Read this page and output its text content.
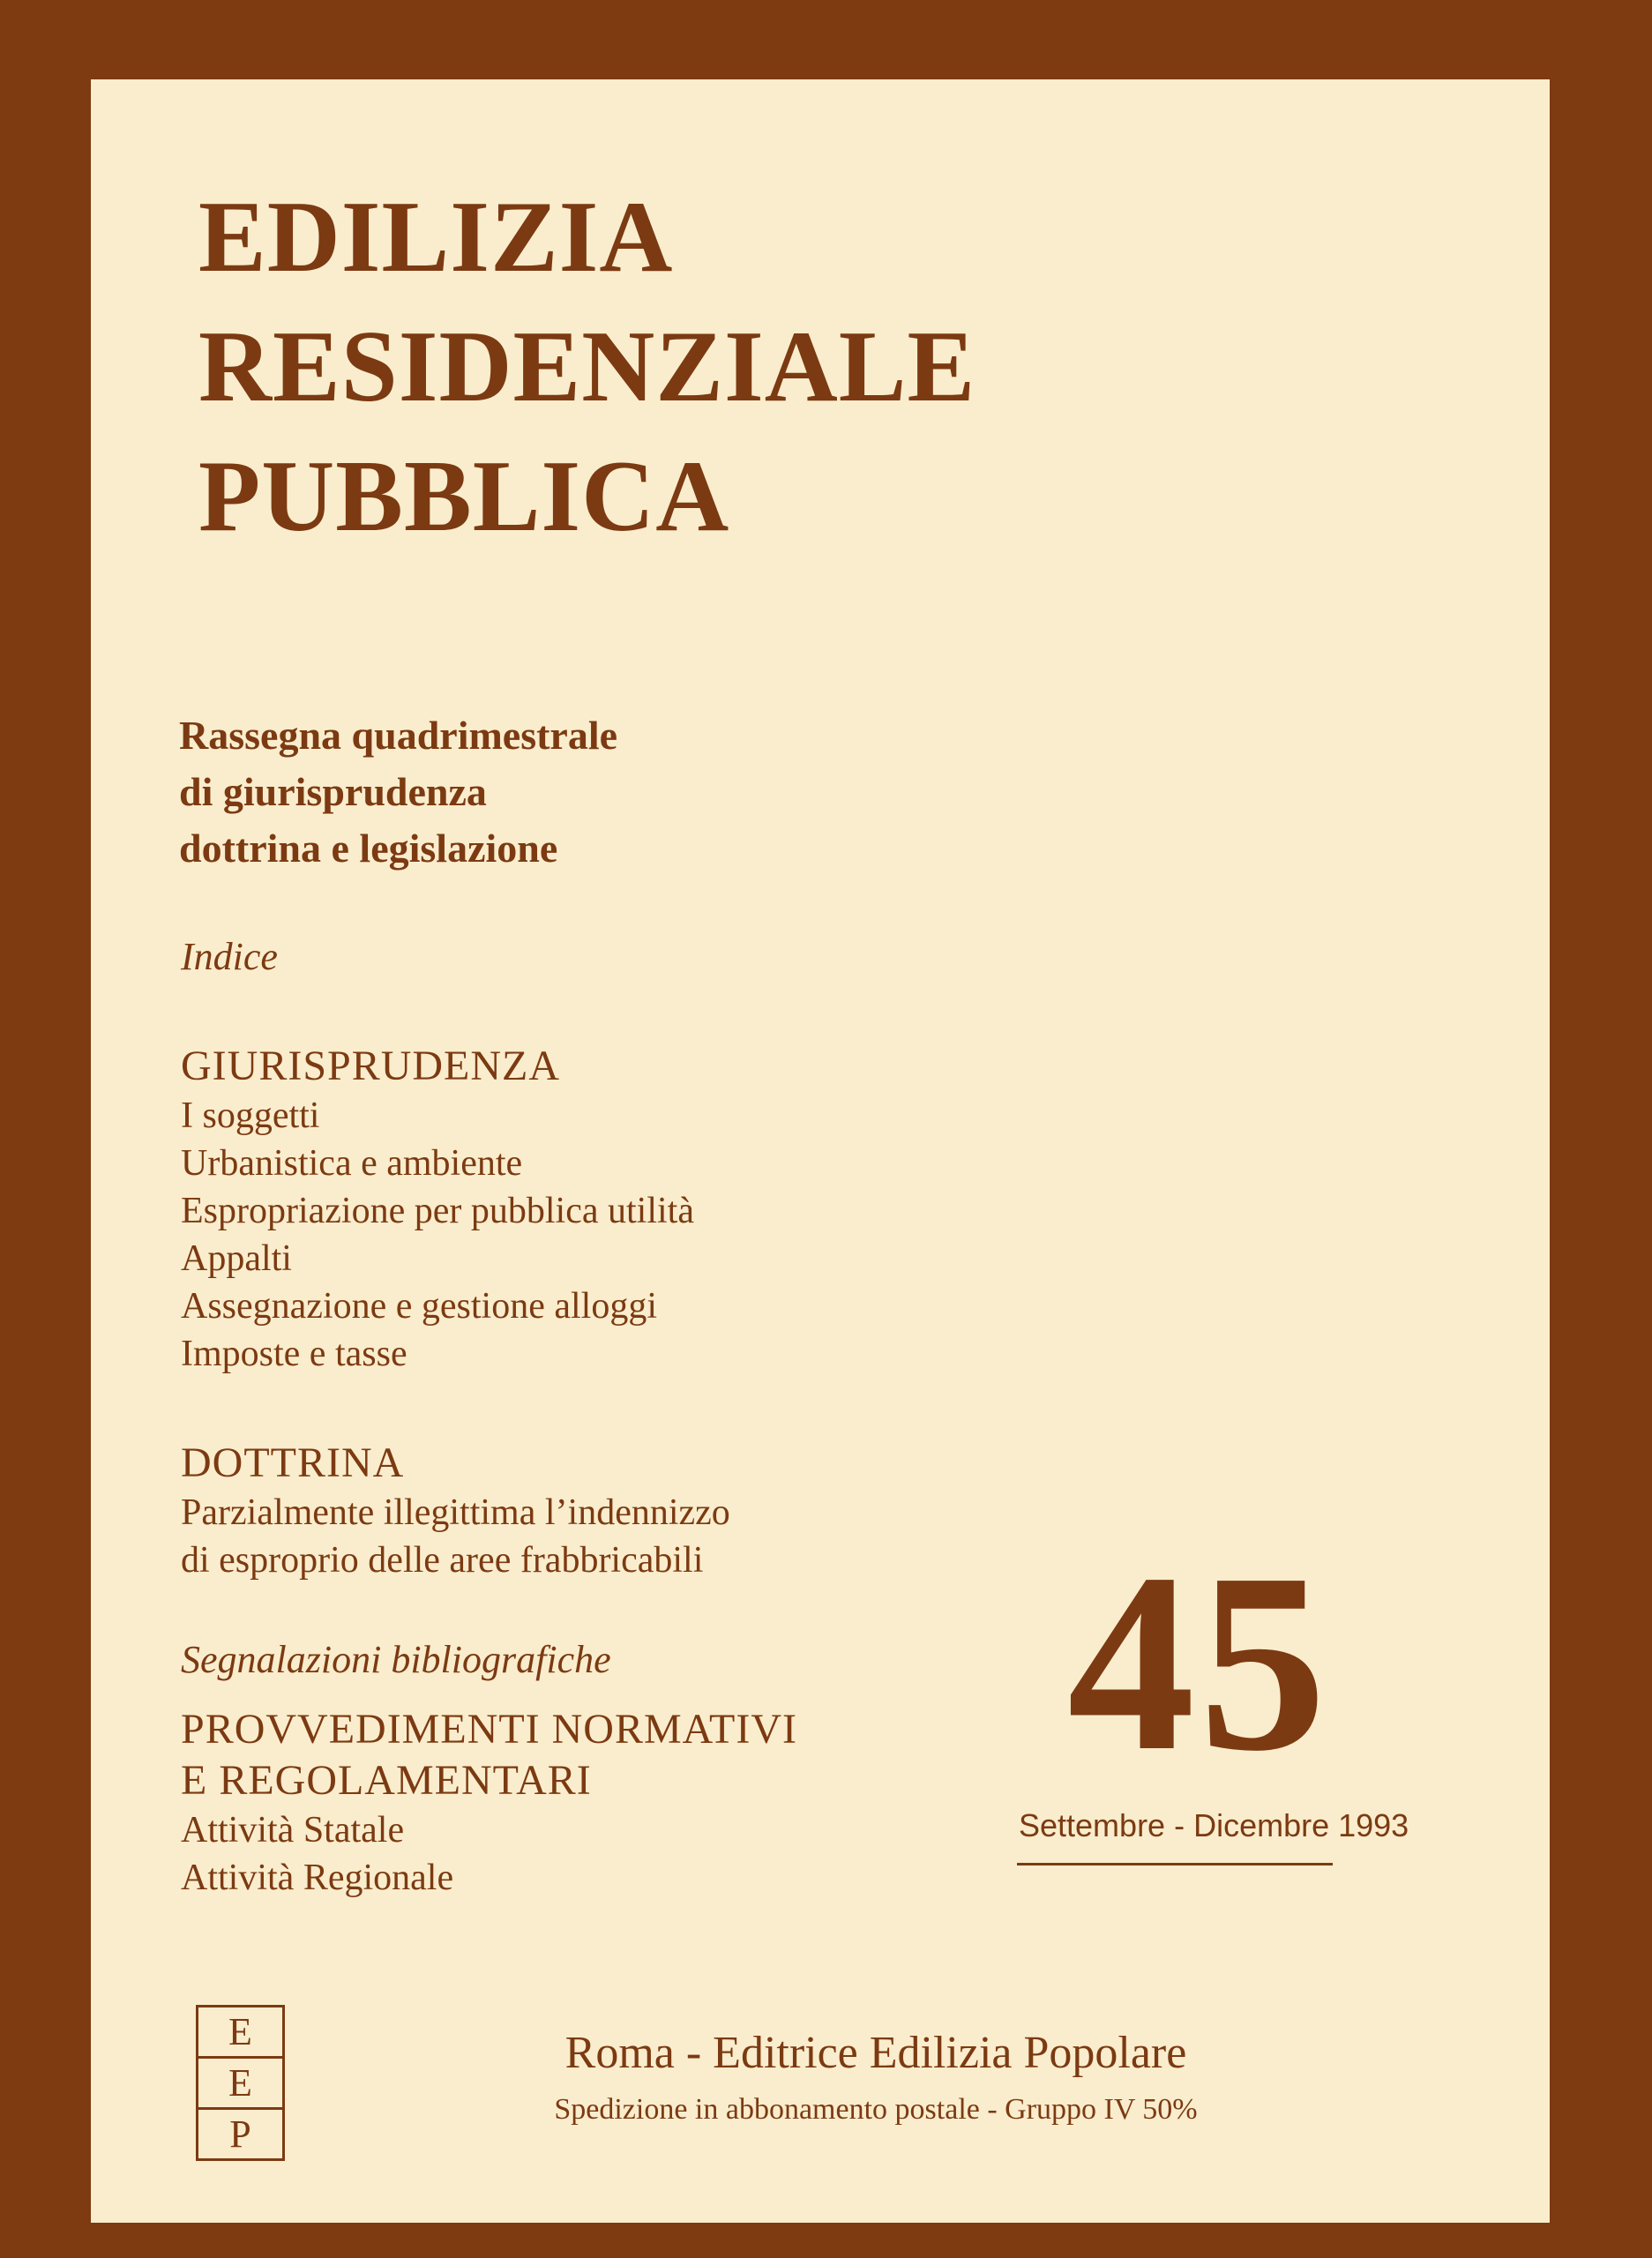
EDILIZIA
RESIDENZIALE
PUBBLICA
Rassegna quadrimestrale
di giurisprudenza
dottrina e legislazione
Indice
GIURISPRUDENZA
I soggetti
Urbanistica e ambiente
Espropriazione per pubblica utilità
Appalti
Assegnazione e gestione alloggi
Imposte e tasse
DOTTRINA
Parzialmente illegittima l’indennizzo
di esproprio delle aree frabbricabili
Segnalazioni bibliografiche
PROVVEDIMENTI NORMATIVI
E REGOLAMENTARI
Attività Statale
Attività Regionale
45
Settembre - Dicembre 1993
E
E
P
Roma - Editrice Edilizia Popolare
Spedizione in abbonamento postale - Gruppo IV 50%
